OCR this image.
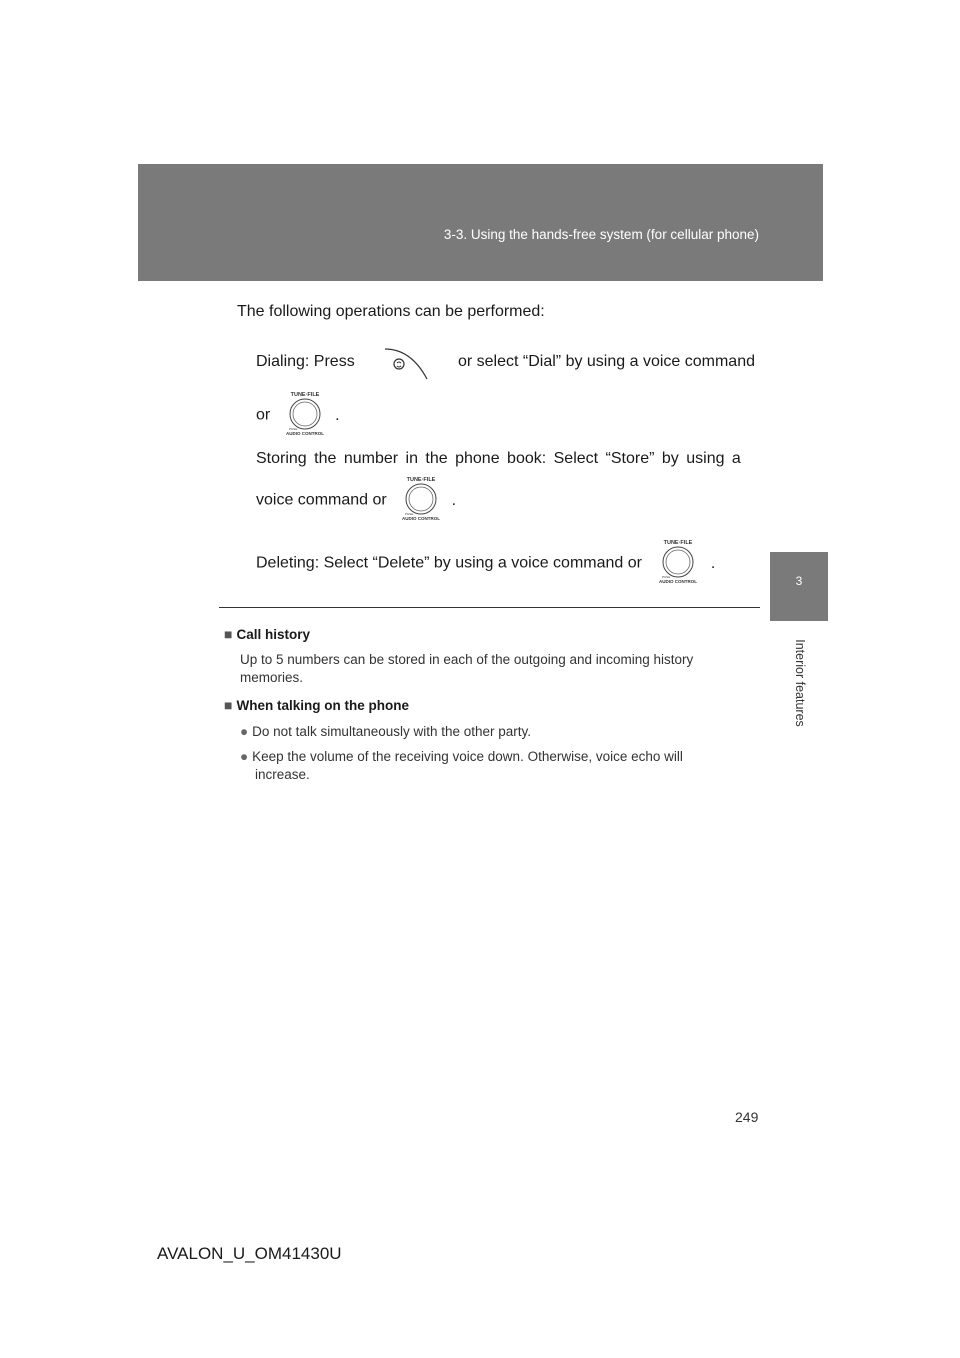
3-3. Using the hands-free system (for cellular phone)
3
Interior features
The following operations can be performed:
Dialing: Press	or select “Dial” by using a voice command
or
TUNE·FILE
PUSH
AUDIO CONTROL
.
Storing the number in the phone book: Select “Store” by using a
voice command or
TUNE·FILE
PUSH
AUDIO CONTROL
.
Deleting: Select “Delete” by using a voice command or
TUNE·FILE
PUSH
AUDIO CONTROL
.
■ Call history
Up to 5 numbers can be stored in each of the outgoing and incoming history
memories.
■ When talking on the phone
● Do not talk simultaneously with the other party.
● Keep the volume of the receiving voice down. Otherwise, voice echo will
increase.
249
AVALON_U_OM41430U
